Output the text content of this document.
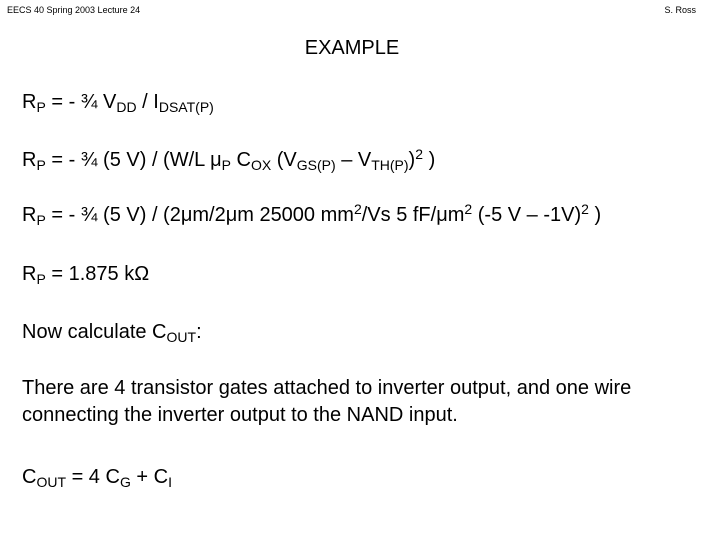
EECS 40 Spring 2003 Lecture 24	S. Ross
EXAMPLE
$R_P$ = - ¾ $V_{DD} / I_{DSAT(P)}$
$R_P$ = - ¾ (5 V) / (W/L $\mu_P$ $C_{OX}$ $(V_{GS(P)} - V_{TH(P)})^2$ )
$R_P$ = - ¾ (5 V) / (2μm/2μm 25000 $mm^2/Vs$ 5 $fF/\mu m^2$ (-5 V – -1V)$^2$ )
$R_P = 1.875$ kΩ
Now calculate $C_{OUT}$:
There are 4 transistor gates attached to inverter output, and one wire connecting the inverter output to the NAND input.
$C_{OUT} = 4$ $C_G + C_I$
